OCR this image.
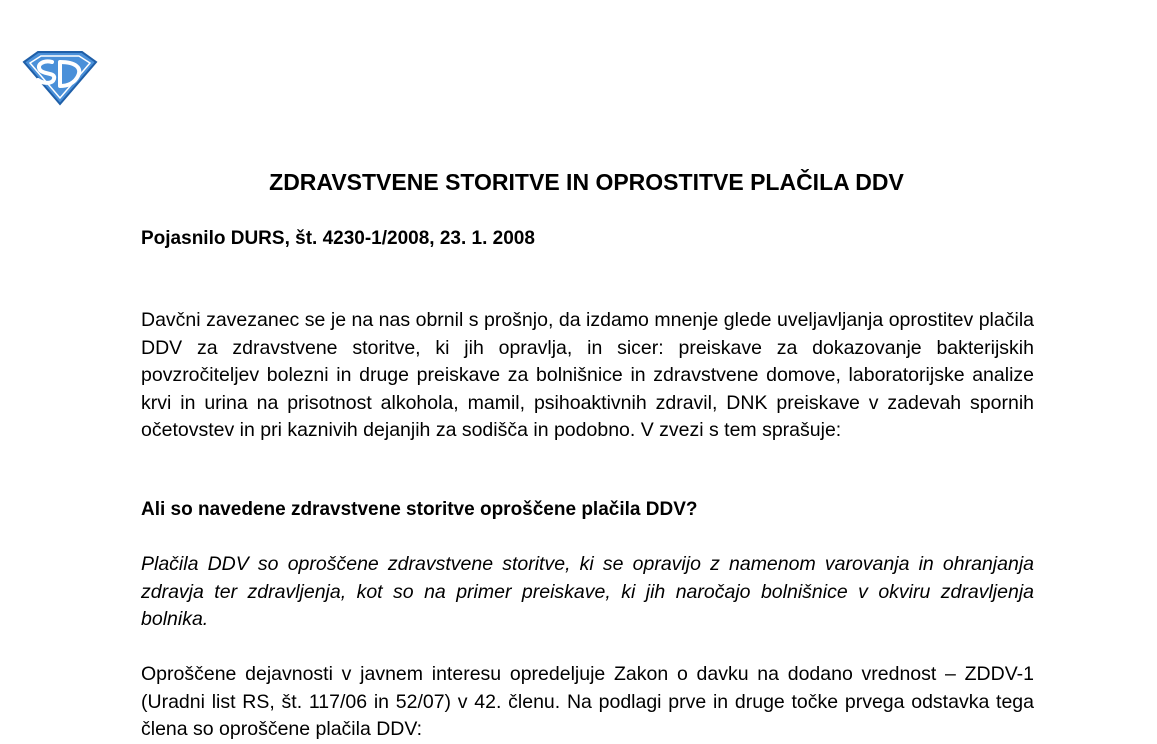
ZDRAVSTVENE STORITVE IN OPROSTITVE PLAČILA DDV

Pojasnilo DURS, št. 4230-1/2008, 23. 1. 2008

Davčni zavezanec se je na nas obrnil s prošnjo, da izdamo mnenje glede uveljavljanja oprostitev plačila DDV za zdravstvene storitve, ki jih opravlja, in sicer: preiskave za dokazovanje bakterijskih povzročiteljev bolezni in druge preiskave za bolnišnice in zdravstvene domove, laboratorijske analize krvi in urina na prisotnost alkohola, mamil, psihoaktivnih zdravil, DNK preiskave v zadevah spornih očetovstev in pri kaznivih dejanjih za sodišča in podobno. V zvezi s tem sprašuje:

Ali so navedene zdravstvene storitve oproščene plačila DDV?

Plačila DDV so oproščene zdravstvene storitve, ki se opravijo z namenom varovanja in ohranjanja zdravja ter zdravljenja, kot so na primer preiskave, ki jih naročajo bolnišnice v okviru zdravljenja bolnika.

Oproščene dejavnosti v javnem interesu opredeljuje Zakon o davku na dodano vrednost – ZDDV-1 (Uradni list RS, št. 117/06 in 52/07) v 42. členu. Na podlagi prve in druge točke prvega odstavka tega člena so oproščene plačila DDV:
